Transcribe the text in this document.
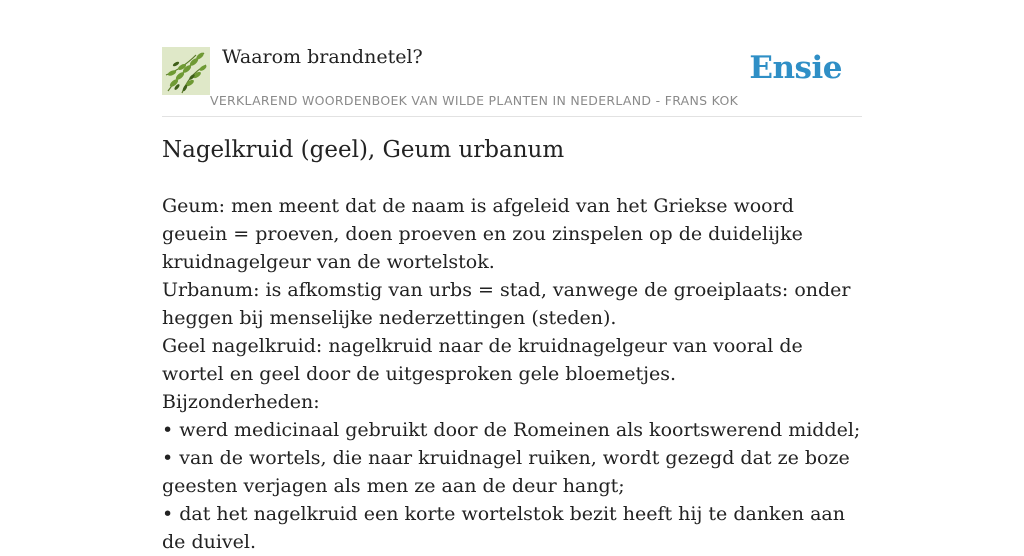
Waarom brandnetel?
VERKLAREND WOORDENBOEK VAN WILDE PLANTEN IN NEDERLAND - FRANS KOK
Ensie
Nagelkruid (geel), Geum urbanum

Geum: men meent dat de naam is afgeleid van het Griekse woord geuein = proeven, doen proeven en zou zinspelen op de duidelijke kruidnagelgeur van de wortelstok.

Urbanum: is afkomstig van urbs = stad, vanwege de groeiplaats: onder heggen bij menselijke nederzettingen (steden).

Geel nagelkruid: nagelkruid naar de kruidnagelgeur van vooral de wortel en geel door de uitgesproken gele bloemetjes.

Bijzonderheden:

• werd medicinaal gebruikt door de Romeinen als koortswerend middel;

• van de wortels, die naar kruidnagel ruiken, wordt gezegd dat ze boze geesten verjagen als men ze aan de deur hangt;

• dat het nagelkruid een korte wortelstok bezit heeft hij te danken aan de duivel.
